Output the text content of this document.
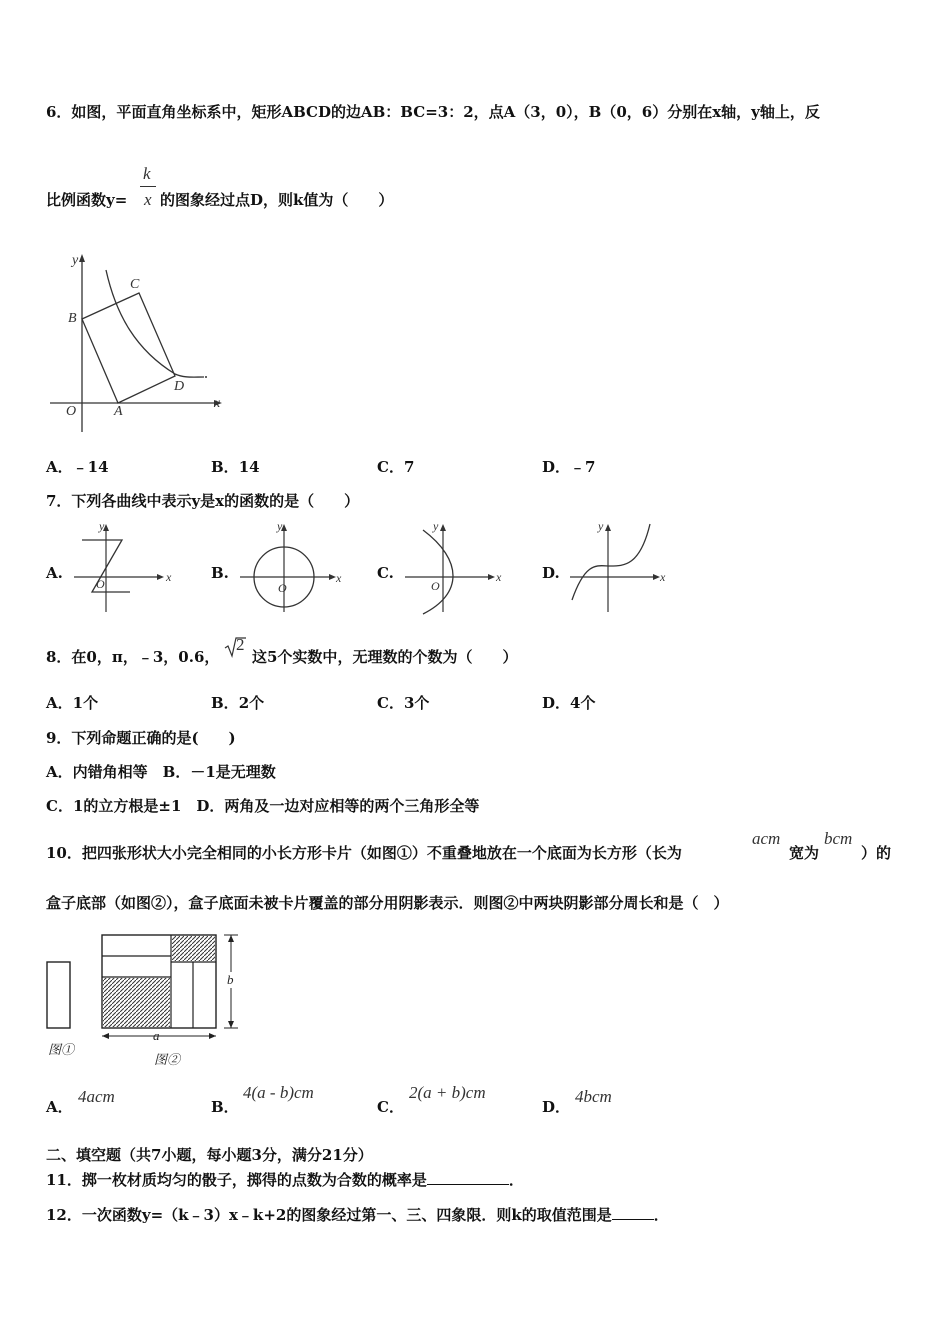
6．如图，平面直角坐标系中，矩形ABCD的边AB：BC=3：2，点A（3，0），B（0，6）分别在x轴，y轴上，反
比例函数y=
k
x 的图象经过点D，则k值为（　　）
y
x
O	A
B
C
D
A．﹣14	B．14	C．7	D．﹣7
7．下列各曲线中表示y是x的函数的是（　　）
A.
y
x
O
B.
y
x
O
C.
y
x
O
D.
y
x
8．在0，π，﹣3，0.6，
2
这5个实数中，无理数的个数为（　　）
A．1个	B．2个	C．3个	D．4个
9．下列命题正确的是(　　)
A．内错角相等　B．－1是无理数
C．1的立方根是±1　D．两角及一边对应相等的两个三角形全等
10．把四张形状大小完全相同的小长方形卡片（如图①）不重叠地放在一个底面为长方形（长为
acm
宽为
bcm
）的
盒子底部（如图②），盒子底面未被卡片覆盖的部分用阴影表示．则图②中两块阴影部分周长和是（　）
b
a
图①
图②
A．
4acm
B．
4(a - b)cm
C．
2(a + b)cm
D．
4bcm
二、填空题（共7小题，每小题3分，满分21分）
11．掷一枚材质均匀的骰子，掷得的点数为合数的概率是	．
12．一次函数y=（k﹣3）x﹣k+2的图象经过第一、三、四象限．则k的取值范围是	．
